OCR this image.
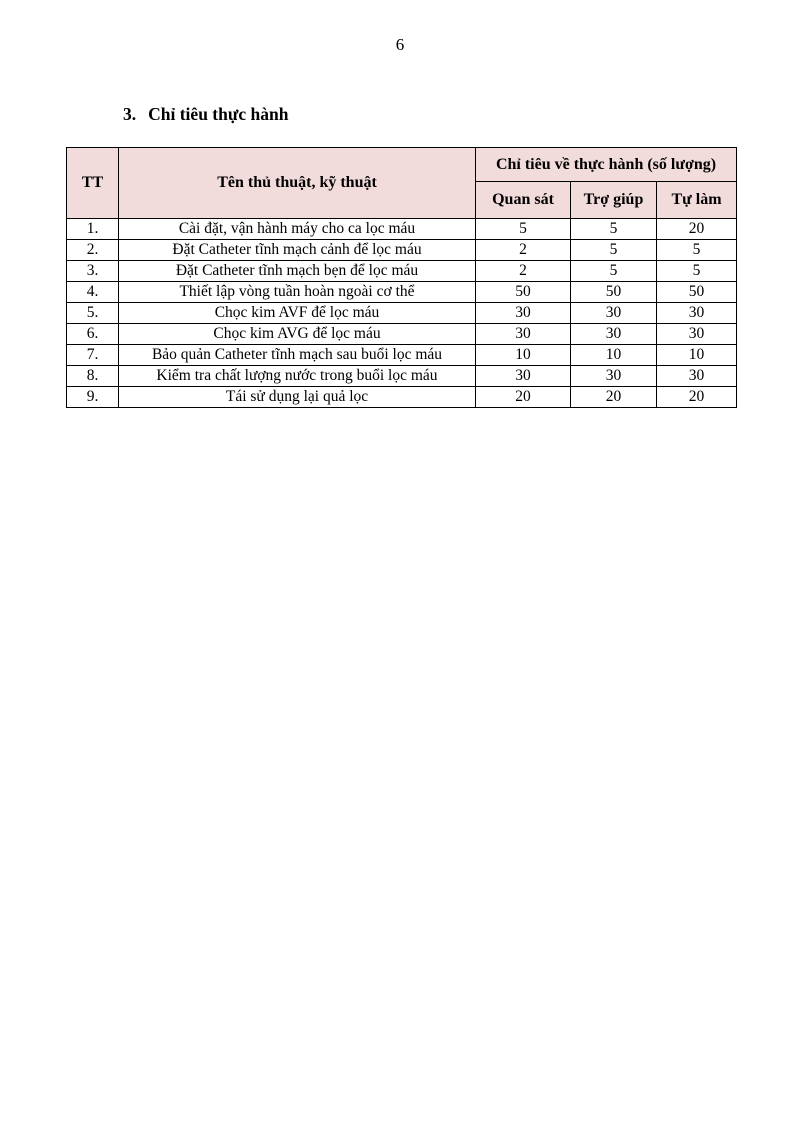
6
3. Chỉ tiêu thực hành
TT	Tên thủ thuật, kỹ thuật	Chỉ tiêu về thực hành (số lượng)		
		Quan sát	Trợ giúp	Tự làm
1.	Cài đặt, vận hành máy cho ca lọc máu	5	5	20
2.	Đặt Catheter tĩnh mạch cảnh để lọc máu	2	5	5
3.	Đặt Catheter tĩnh mạch bẹn để lọc máu	2	5	5
4.	Thiết lập vòng tuần hoàn ngoài cơ thể	50	50	50
5.	Chọc kim AVF để lọc máu	30	30	30
6.	Chọc kim AVG để lọc máu	30	30	30
7.	Bảo quản Catheter tĩnh mạch sau buổi lọc máu	10	10	10
8.	Kiểm tra chất lượng nước trong buổi lọc máu	30	30	30
9.	Tái sử dụng lại quả lọc	20	20	20
